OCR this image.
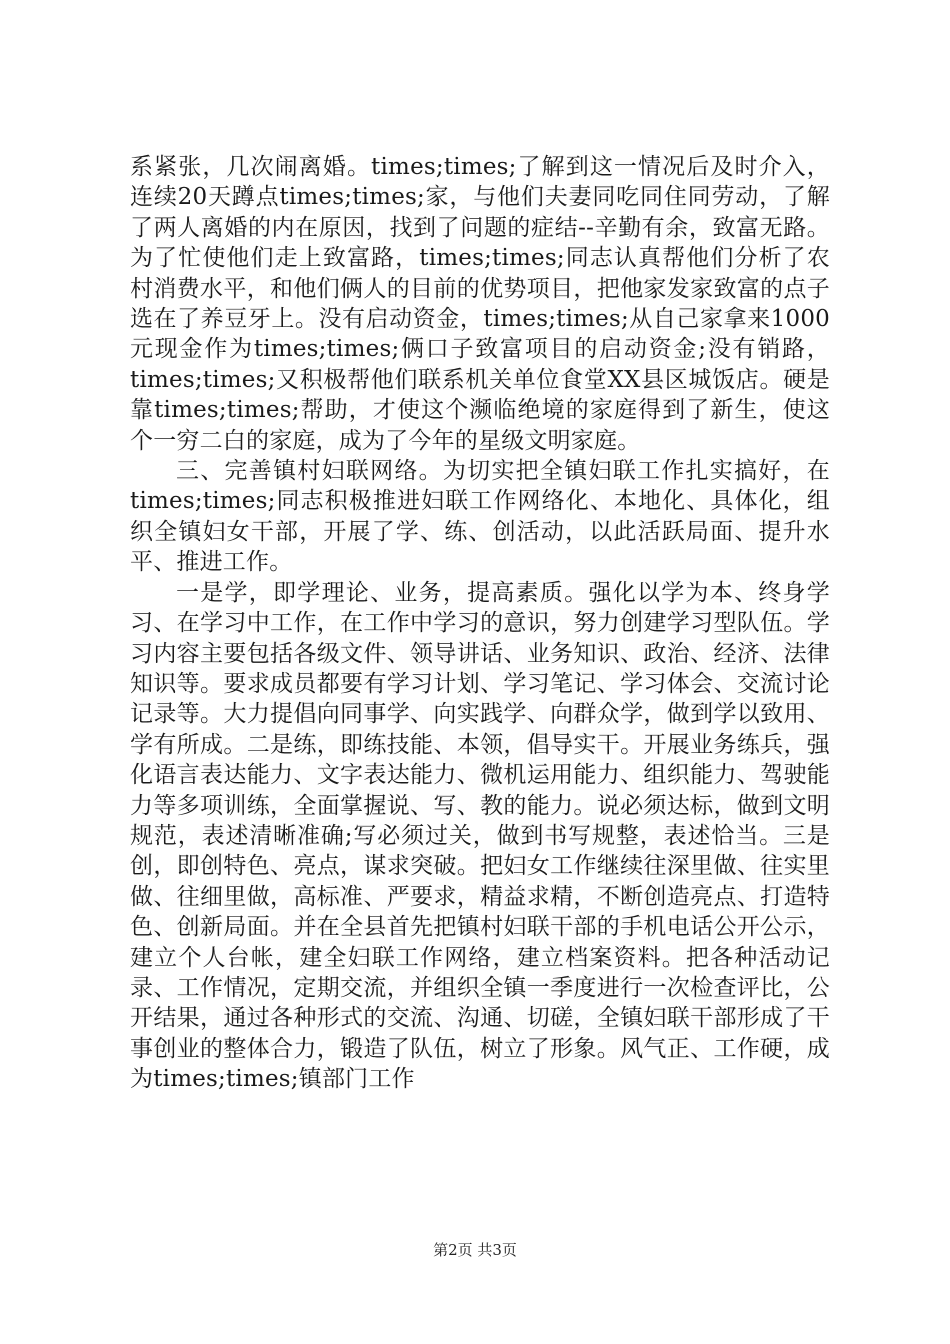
系紧张，几次闹离婚。times;times;了解到这一情况后及时介入，连续20天蹲点times;times;家，与他们夫妻同吃同住同劳动，了解了两人离婚的内在原因，找到了问题的症结--辛勤有余，致富无路。为了忙使他们走上致富路，times;times;同志认真帮他们分析了农村消费水平，和他们俩人的目前的优势项目，把他家发家致富的点子选在了养豆牙上。没有启动资金，times;times;从自己家拿来1000元现金作为times;times;俩口子致富项目的启动资金;没有销路，times;times;又积极帮他们联系机关单位食堂XX县区城饭店。硬是靠times;times;帮助，才使这个濒临绝境的家庭得到了新生，使这个一穷二白的家庭，成为了今年的星级文明家庭。

三、完善镇村妇联网络。为切实把全镇妇联工作扎实搞好，在times;times;同志积极推进妇联工作网络化、本地化、具体化，组织全镇妇女干部，开展了学、练、创活动，以此活跃局面、提升水平、推进工作。

一是学，即学理论、业务，提高素质。强化以学为本、终身学习、在学习中工作，在工作中学习的意识，努力创建学习型队伍。学习内容主要包括各级文件、领导讲话、业务知识、政治、经济、法律知识等。要求成员都要有学习计划、学习笔记、学习体会、交流讨论记录等。大力提倡向同事学、向实践学、向群众学，做到学以致用、学有所成。二是练，即练技能、本领，倡导实干。开展业务练兵，强化语言表达能力、文字表达能力、微机运用能力、组织能力、驾驶能力等多项训练，全面掌握说、写、教的能力。说必须达标，做到文明规范，表述清晰准确;写必须过关，做到书写规整，表述恰当。三是创，即创特色、亮点，谋求突破。把妇女工作继续往深里做、往实里做、往细里做，高标准、严要求，精益求精，不断创造亮点、打造特色、创新局面。并在全县首先把镇村妇联干部的手机电话公开公示，建立个人台帐，建全妇联工作网络，建立档案资料。把各种活动记录、工作情况，定期交流，并组织全镇一季度进行一次检查评比，公开结果，通过各种形式的交流、沟通、切磋，全镇妇联干部形成了干事创业的整体合力，锻造了队伍，树立了形象。风气正、工作硬，成为times;times;镇部门工作

第2页 共3页
